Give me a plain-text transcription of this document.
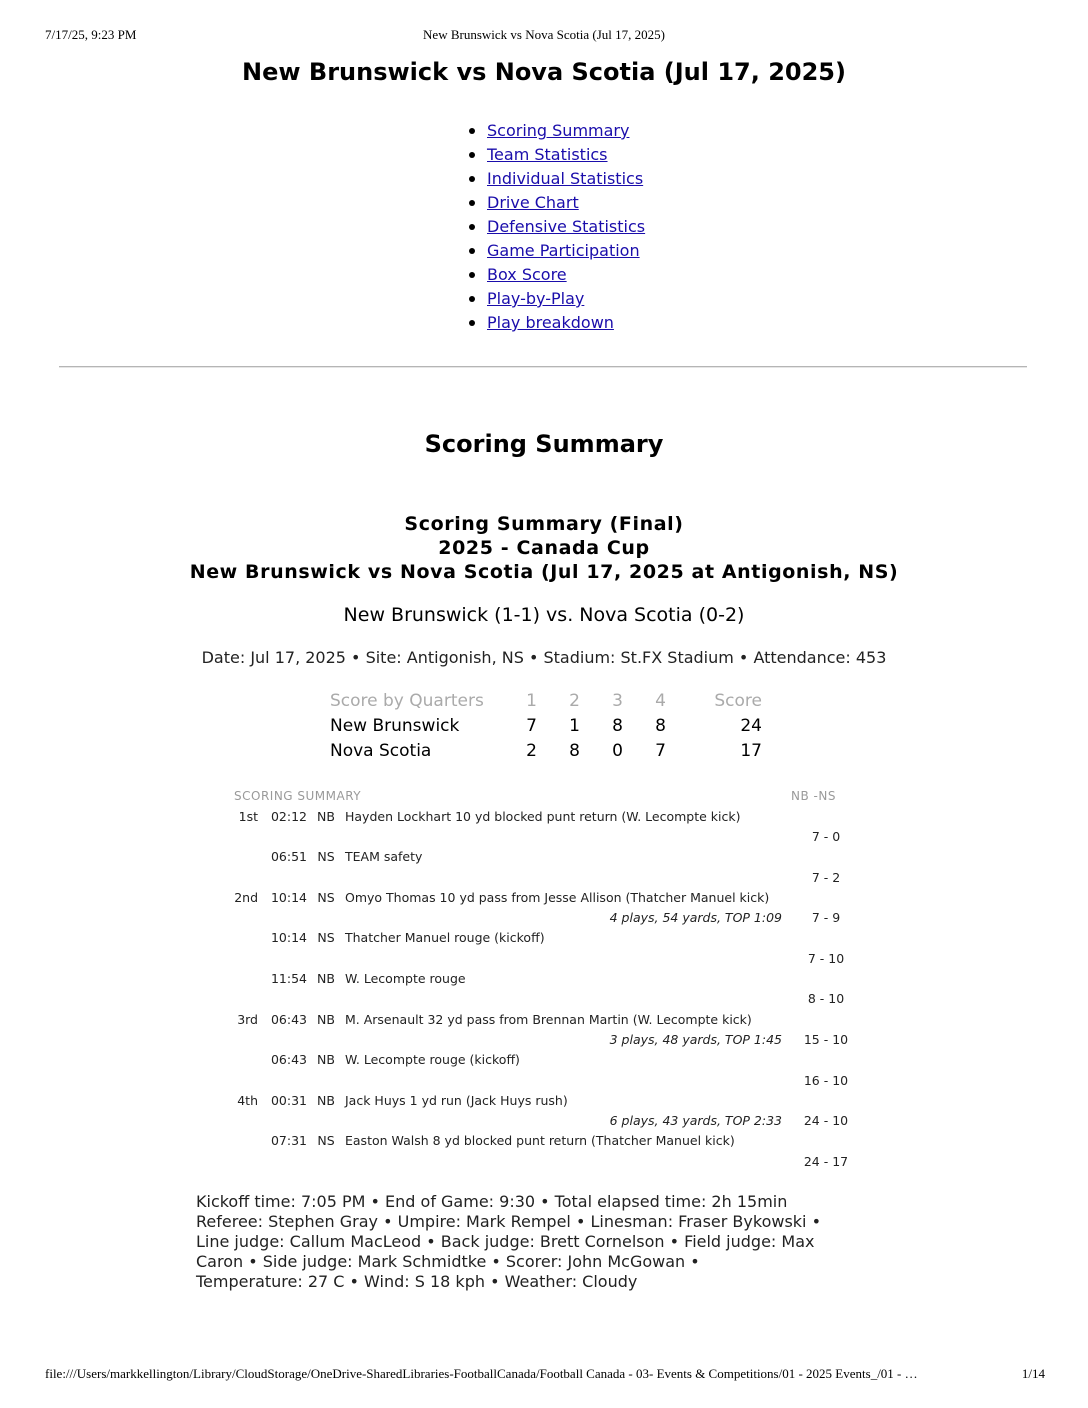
7/17/25, 9:23 PM	New Brunswick vs Nova Scotia (Jul 17, 2025)
New Brunswick vs Nova Scotia (Jul 17, 2025)
Scoring Summary
Team Statistics
Individual Statistics
Drive Chart
Defensive Statistics
Game Participation
Box Score
Play-by-Play
Play breakdown
Scoring Summary
Scoring Summary (Final)
2025 - Canada Cup
New Brunswick vs Nova Scotia (Jul 17, 2025 at Antigonish, NS)
New Brunswick (1-1) vs. Nova Scotia (0-2)
Date: Jul 17, 2025 • Site: Antigonish, NS • Stadium: St.FX Stadium • Attendance: 453
Score by Quarters	1	2	3	4	Score
New Brunswick	7	1	8	8	24
Nova Scotia	2	8	0	7	17
SCORING SUMMARY				NB -NS
1st	02:12	NB	Hayden Lockhart 10 yd blocked punt return (W. Lecompte kick)	
				7 - 0
	06:51	NS	TEAM safety	
				7 - 2
2nd	10:14	NS	Omyo Thomas 10 yd pass from Jesse Allison (Thatcher Manuel kick)	
4 plays, 54 yards, TOP 1:09				7 - 9
	10:14	NS	Thatcher Manuel rouge (kickoff)	
				7 - 10
	11:54	NB	W. Lecompte rouge	
				8 - 10
3rd	06:43	NB	M. Arsenault 32 yd pass from Brennan Martin (W. Lecompte kick)	
3 plays, 48 yards, TOP 1:45				15 - 10
	06:43	NB	W. Lecompte rouge (kickoff)	
				16 - 10
4th	00:31	NB	Jack Huys 1 yd run (Jack Huys rush)	
6 plays, 43 yards, TOP 2:33				24 - 10
	07:31	NS	Easton Walsh 8 yd blocked punt return (Thatcher Manuel kick)	
				24 - 17
Kickoff time: 7:05 PM • End of Game: 9:30 • Total elapsed time: 2h 15min
Referee: Stephen Gray • Umpire: Mark Rempel • Linesman: Fraser Bykowski •
Line judge: Callum MacLeod • Back judge: Brett Cornelson • Field judge: Max
Caron • Side judge: Mark Schmidtke • Scorer: John McGowan •
Temperature: 27 C • Wind: S 18 kph • Weather: Cloudy
file:///Users/markkellington/Library/CloudStorage/OneDrive-SharedLibraries-FootballCanada/Football Canada - 03- Events & Competitions/01 - 2025 Events_/01 - …	1/14
